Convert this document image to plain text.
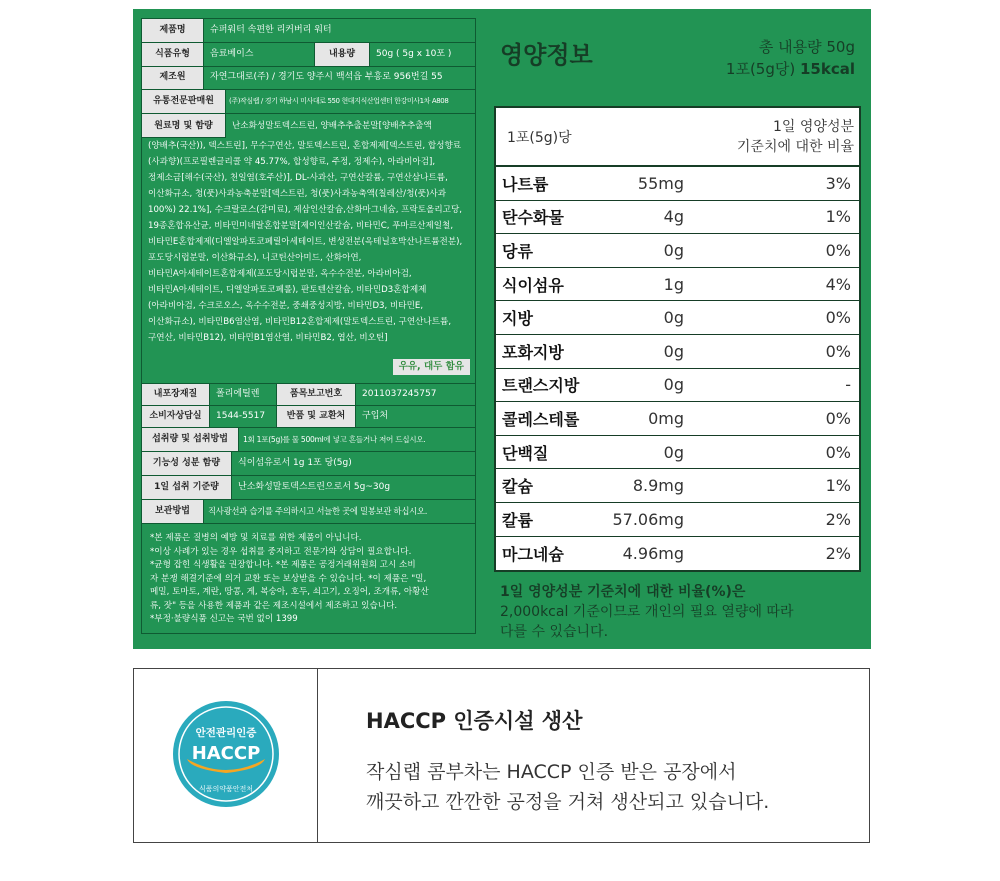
제품명	슈퍼워터 속편한 리커버리 워터
식품유형	음료베이스	내용량	50g ( 5g x 10포 )
제조원	자연그대로(주) / 경기도 양주시 백석읍 부흥로 956번길 55
유통전문판매원	(주)작심랩 / 경기 하남시 미사대로 550 현대지식산업센터 한강미사1차 A808
원료명 및 함량	난소화성말토덱스트린, 양배추추출분말[양배추추출액
(양배추(국산)), 덱스트린], 무수구연산, 말토덱스트린, 혼합제제[덱스트린, 합성향료(사과향)(프로필렌글리콜 약 45.77%, 합성향료, 주정, 정제수), 아라비아검], 정제소금[해수(국산), 천일염(호주산)], DL-사과산, 구연산칼륨, 구연산삼나트륨, 이산화규소, 청(풋)사과농축분말[덱스트린, 청(풋)사과농축액(칠레산/청(풋)사과 100%) 22.1%], 수크랄로스(감미료), 제삼인산칼슘,산화마그네슘, 프락토올리고당, 19종혼합유산균, 비타민미네랄혼합분말[제이인산칼슘, 비타민C, 푸마르산제일철, 비타민E혼합제제(디엘알파토코페릴아세테이트, 변성전분(옥테닐호박산나트륨전분), 포도당시럽분말, 이산화규소), 니코틴산아미드, 산화아연, 비타민A아세테이트혼합제제(포도당시럽분말, 옥수수전분, 아라비아검, 비타민A아세테이트, 디엘알파토코페롤), 판토텐산칼슘, 비타민D3혼합제제(아라비아검, 수크로오스, 옥수수전분, 중쇄중성지방, 비타민D3, 비타민E, 이산화규소), 비타민B6염산염, 비타민B12혼합제제(말토덱스트린, 구연산나트륨, 구연산, 비타민B12), 비타민B1염산염, 비타민B2, 엽산, 비오틴]
우유, 대두 함유
내포장재질	폴리에틸렌	품목보고번호	2011037245757
소비자상담실	1544-5517	반품 및 교환처	구입처
섭취량 및 섭취방법	1회 1포(5g)를 물 500ml에 넣고 흔들거나 저어 드십시오.
기능성 성분 함량	식이섬유로서 1g 1포 당(5g)
1일 섭취 기준량	난소화성말토덱스트린으로서 5g~30g
보관방법	직사광선과 습기를 주의하시고 서늘한 곳에 밀봉보관 하십시오.
*본 제품은 질병의 예방 및 치료를 위한 제품이 아닙니다.
*이상 사례가 있는 경우 섭취를 중지하고 전문가와 상담이 필요합니다.
*균형 잡힌 식생활을 권장합니다. *본 제품은 공정거래위원회 고시 소비
자 분쟁 해결기준에 의거 교환 또는 보상받을 수 있습니다. *이 제품은 "밀,
메밀, 토마토, 계란, 땅콩, 게, 복숭아, 호두, 쇠고기, 오징어, 조개류, 아황산
류, 잣" 등을 사용한 제품과 같은 제조시설에서 제조하고 있습니다.
*부정·불량식품 신고는 국번 없이 1399
영양정보	총 내용량 50g
1포(5g당) 15kcal
1포(5g)당
1일 영양성분
기준치에 대한 비율
나트륨	55mg	3%
탄수화물	4g	1%
당류	0g	0%
식이섬유	1g	4%
지방	0g	0%
포화지방	0g	0%
트랜스지방	0g	-
콜레스테롤	0mg	0%
단백질	0g	0%
칼슘	8.9mg	1%
칼륨	57.06mg	2%
마그네슘	4.96mg	2%
1일 영양성분 기준치에 대한 비율(%)은
2,000kcal 기준이므로 개인의 필요 열량에 따라
다를 수 있습니다.
안전관리인증
HACCP
식품의약품안전처
HACCP 인증시설 생산
작심랩 콤부차는 HACCP 인증 받은 공장에서
깨끗하고 깐깐한 공정을 거쳐 생산되고 있습니다.
